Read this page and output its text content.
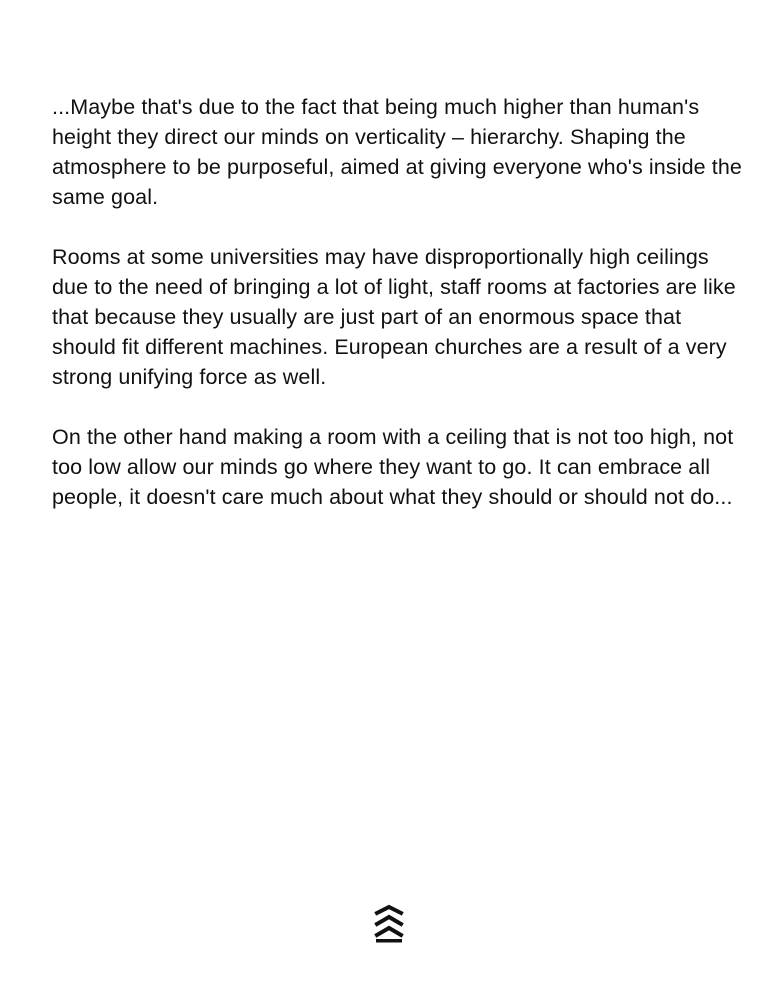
...Maybe that's due to the fact that being much higher than human's height they direct our minds on verticality – hierarchy. Shaping the atmosphere to be purposeful, aimed at giving everyone who's inside the same goal.

Rooms at some universities may have disproportionally high ceilings due to the need of bringing a lot of light, staff rooms at factories are like that because they usually are just part of an enormous space that should fit different machines. European churches are a result of a very strong unifying force as well.

On the other hand making a room with a ceiling that is not too high, not too low allow our minds go where they want to go. It can embrace all people, it doesn't care much about what they should or should not do...
